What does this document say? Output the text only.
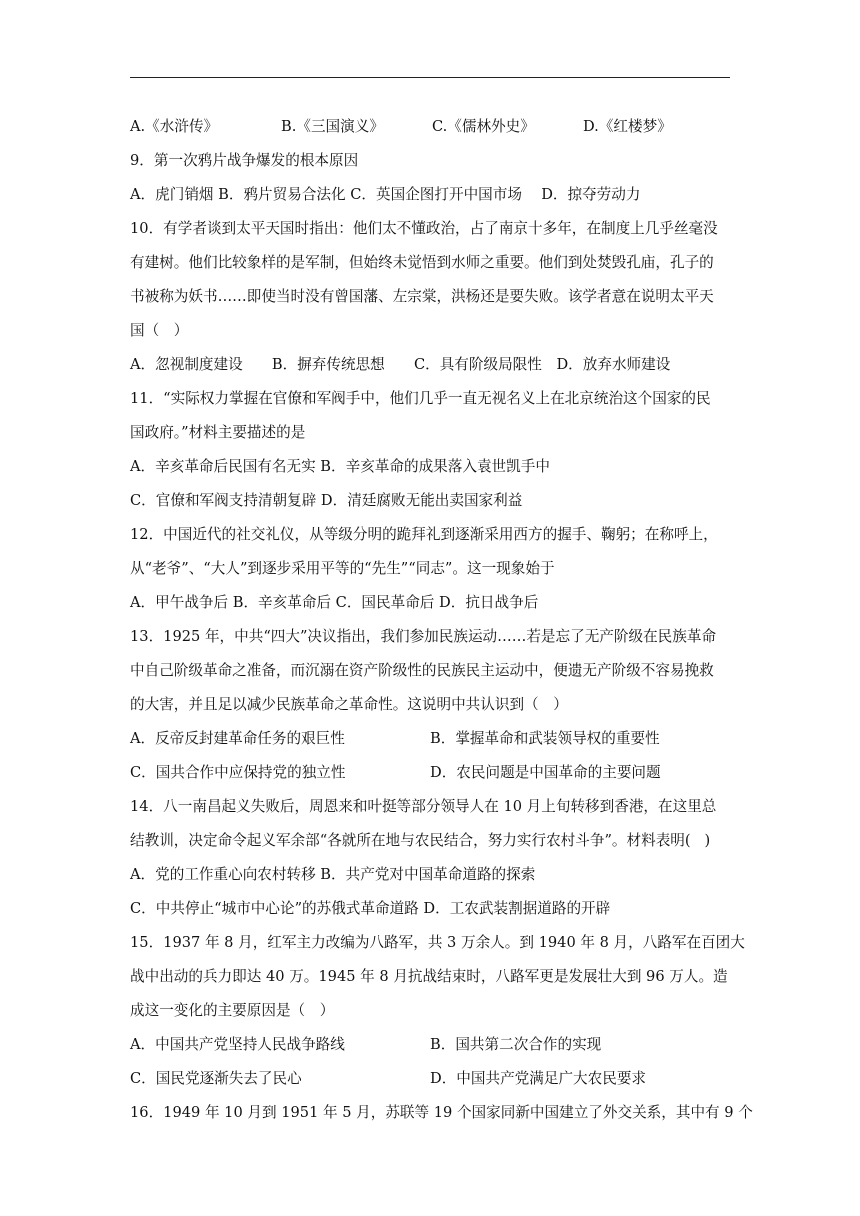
A.《水浒传》	B.《三国演义》	C.《儒林外史》	D.《红楼梦》
9．第一次鸦片战争爆发的根本原因
A．虎门销烟 B．鸦片贸易合法化 C．英国企图打开中国市场　 D．掠夺劳动力
10．有学者谈到太平天国时指出：他们太不懂政治，占了南京十多年，在制度上几乎丝毫没
有建树。他们比较象样的是军制，但始终未觉悟到水师之重要。他们到处焚毁孔庙，孔子的
书被称为妖书……即使当时没有曾国藩、左宗棠，洪杨还是要失败。该学者意在说明太平天
国（　）
A．忽视制度建设　　B．摒弃传统思想　　C．具有阶级局限性　D．放弃水师建设
11．“实际权力掌握在官僚和军阀手中，他们几乎一直无视名义上在北京统治这个国家的民
国政府。”材料主要描述的是
A．辛亥革命后民国有名无实 B．辛亥革命的成果落入袁世凯手中
C．官僚和军阀支持清朝复辟 D．清廷腐败无能出卖国家利益
12．中国近代的社交礼仪，从等级分明的跪拜礼到逐渐采用西方的握手、鞠躬；在称呼上，
从“老爷”、“大人”到逐步采用平等的“先生”“同志”。这一现象始于
A．甲午战争后 B．辛亥革命后 C．国民革命后 D．抗日战争后
13．1925 年，中共“四大”决议指出，我们参加民族运动……若是忘了无产阶级在民族革命
中自己阶级革命之准备，而沉溺在资产阶级性的民族民主运动中，便遗无产阶级不容易挽救
的大害，并且足以减少民族革命之革命性。这说明中共认识到（　）
A．反帝反封建革命任务的艰巨性	B．掌握革命和武装领导权的重要性
C．国共合作中应保持党的独立性	D．农民问题是中国革命的主要问题
14．八一南昌起义失败后，周恩来和叶挺等部分领导人在 10 月上旬转移到香港，在这里总
结教训，决定命令起义军余部“各就所在地与农民结合，努力实行农村斗争”。材料表明(   )
A．党的工作重心向农村转移 B．共产党对中国革命道路的探索
C．中共停止“城市中心论”的苏俄式革命道路 D．工农武装割据道路的开辟
15．1937 年 8 月，红军主力改编为八路军，共 3 万余人。到 1940 年 8 月，八路军在百团大
战中出动的兵力即达 40 万。1945 年 8 月抗战结束时，八路军更是发展壮大到 96 万人。造
成这一变化的主要原因是（　）
A．中国共产党坚持人民战争路线	B．国共第二次合作的实现
C．国民党逐渐失去了民心	D．中国共产党满足广大农民要求
16．1949 年 10 月到 1951 年 5 月，苏联等 19 个国家同新中国建立了外交关系，其中有 9 个
